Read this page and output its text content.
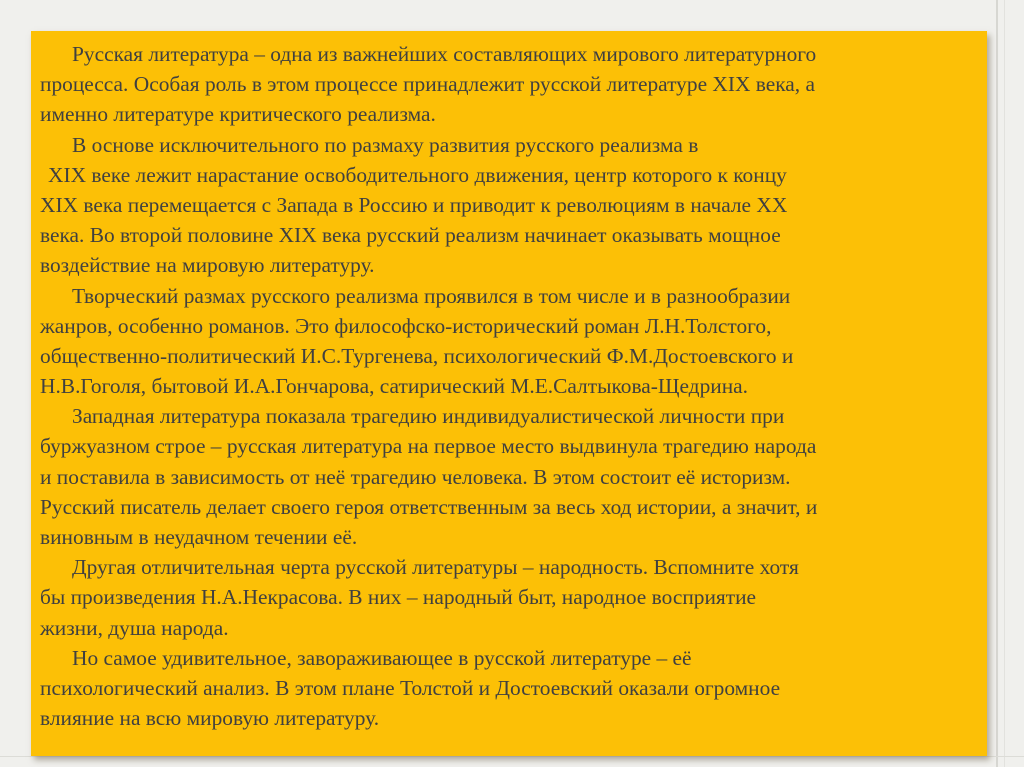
Русская литература – одна из важнейших составляющих мирового литературного
процесса. Особая роль в этом процессе принадлежит русской литературе XIX века, а
именно литературе критического реализма.
В основе исключительного по размаху развития русского реализма в
XIX веке лежит нарастание освободительного движения, центр которого к концу
XIX века перемещается с Запада в Россию и приводит к революциям в начале XX
века. Во второй половине XIX века русский реализм начинает оказывать мощное
воздействие на мировую литературу.
Творческий размах русского реализма проявился в том числе и в разнообразии
жанров, особенно романов. Это философско-исторический роман Л.Н.Толстого,
общественно-политический И.С.Тургенева, психологический Ф.М.Достоевского и
Н.В.Гоголя, бытовой И.А.Гончарова, сатирический М.Е.Салтыкова-Щедрина.
Западная литература показала трагедию индивидуалистической личности при
буржуазном строе – русская литература на первое место выдвинула трагедию народа
и поставила в зависимость от неё трагедию человека. В этом состоит её историзм.
Русский писатель делает своего героя ответственным за весь ход истории, а значит, и
виновным в неудачном течении её.
Другая отличительная черта русской литературы – народность. Вспомните хотя
бы произведения Н.А.Некрасова. В них – народный быт, народное восприятие
жизни, душа народа.
Но самое удивительное, завораживающее в русской литературе – её
психологический анализ. В этом плане Толстой и Достоевский оказали огромное
влияние на всю мировую литературу.
